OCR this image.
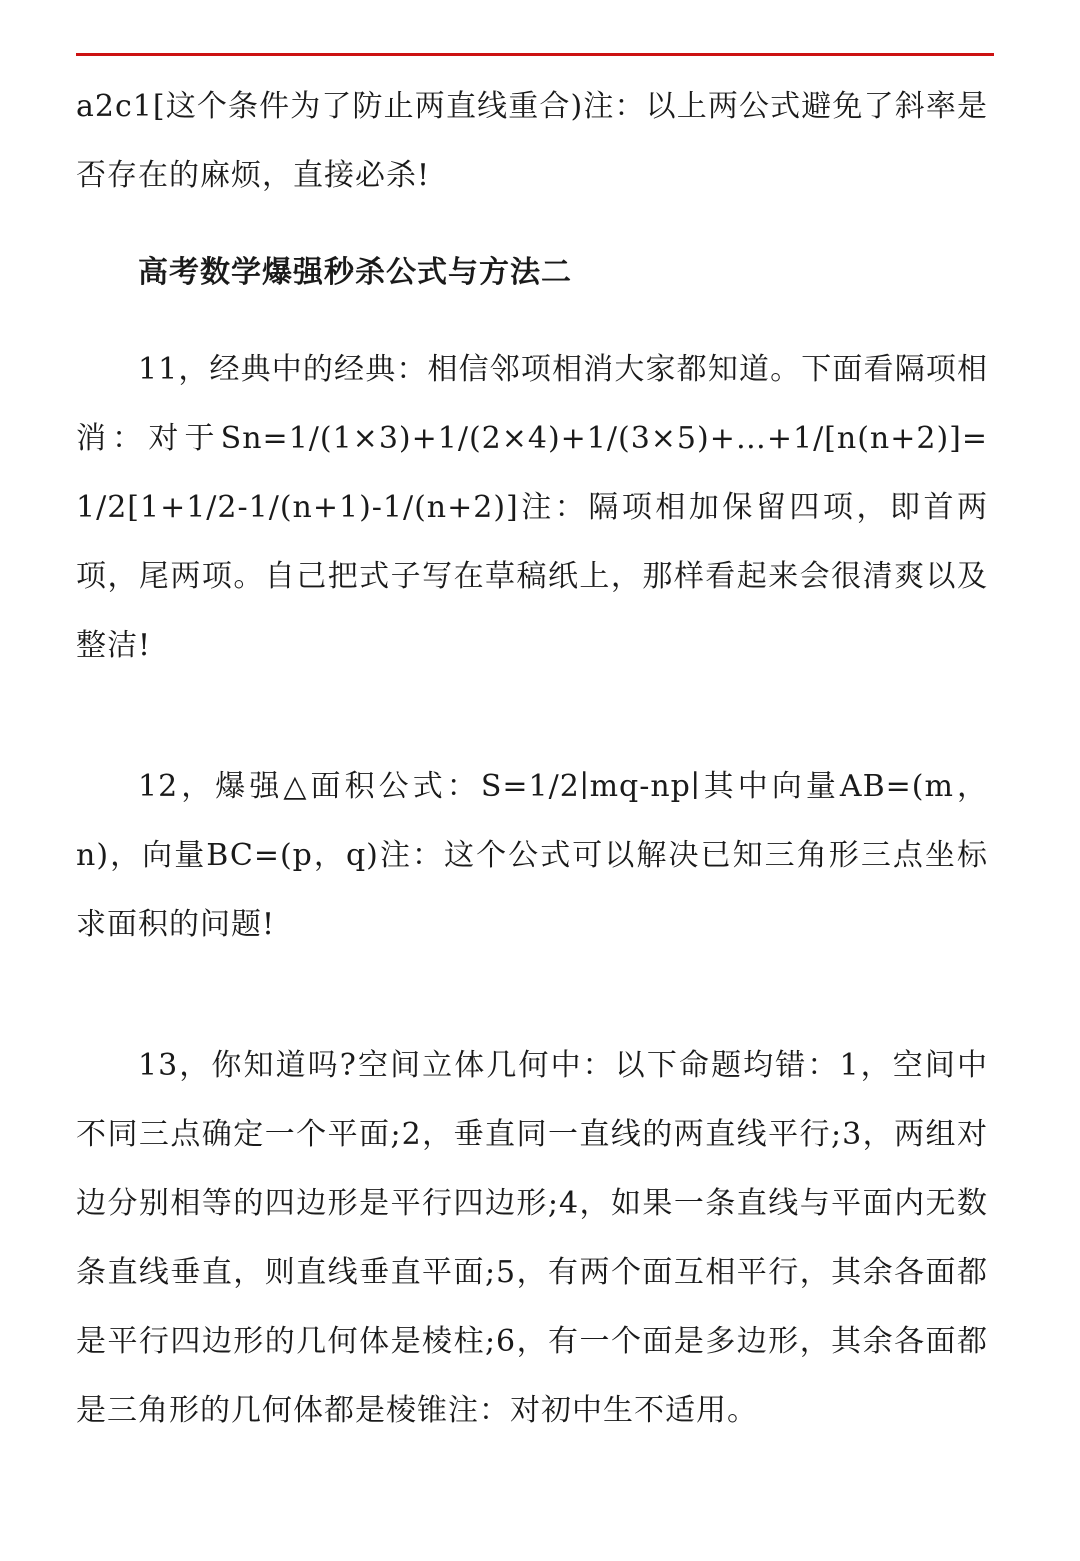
a2c1[这个条件为了防止两直线重合)注：以上两公式避免了斜率是否存在的麻烦，直接必杀!

高考数学爆强秒杀公式与方法二

11，经典中的经典：相信邻项相消大家都知道。下面看隔项相消：对于Sn=1/(1×3)+1/(2×4)+1/(3×5)+…+1/[n(n+2)]=1/2[1+1/2-1/(n+1)-1/(n+2)]注：隔项相加保留四项，即首两项，尾两项。自己把式子写在草稿纸上，那样看起来会很清爽以及整洁!

12，爆强△面积公式：S=1/2∣mq-np∣其中向量AB=(m，n)，向量BC=(p，q)注：这个公式可以解决已知三角形三点坐标求面积的问题!

13，你知道吗?空间立体几何中：以下命题均错：1，空间中不同三点确定一个平面;2，垂直同一直线的两直线平行;3，两组对边分别相等的四边形是平行四边形;4，如果一条直线与平面内无数条直线垂直，则直线垂直平面;5，有两个面互相平行，其余各面都是平行四边形的几何体是棱柱;6，有一个面是多边形，其余各面都是三角形的几何体都是棱锥注：对初中生不适用。
